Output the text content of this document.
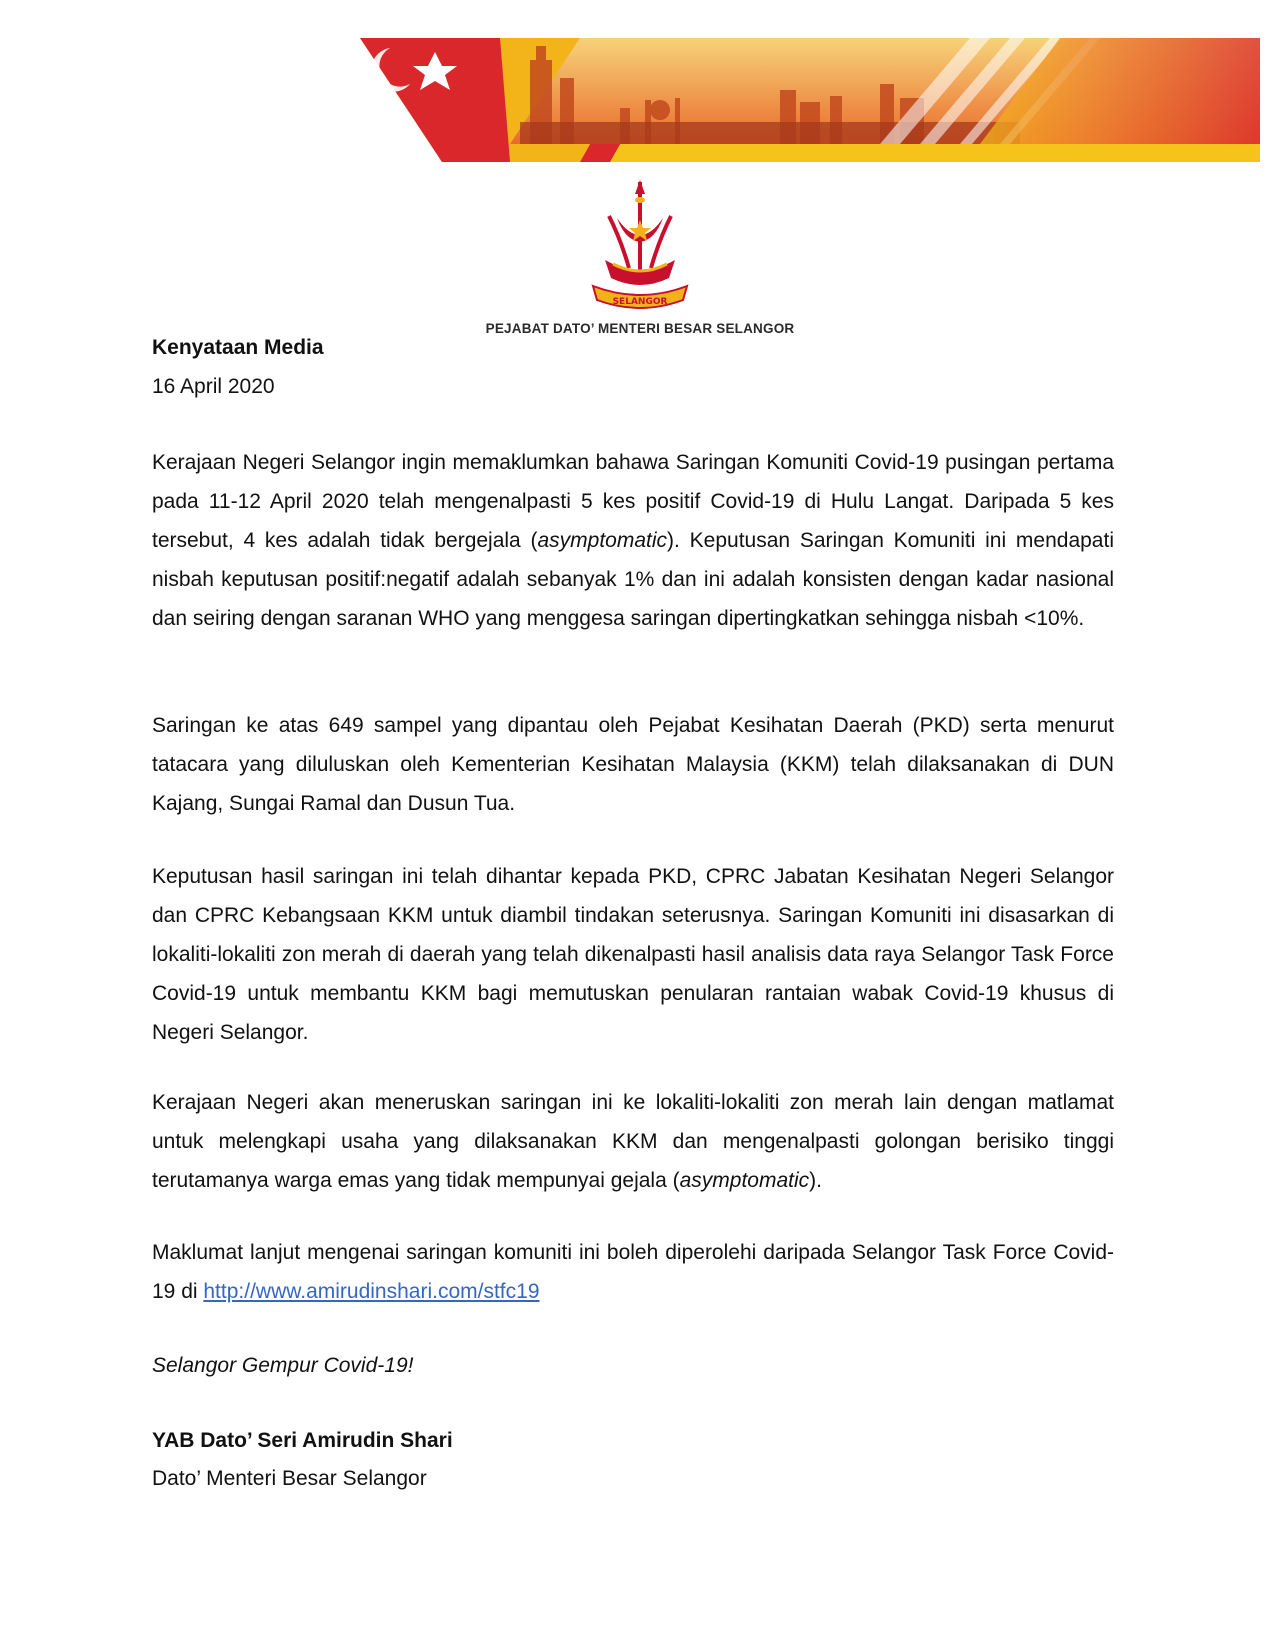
SELANGOR
PEJABAT DATO’ MENTERI BESAR SELANGOR
Kenyataan Media
16 April 2020
Kerajaan Negeri Selangor ingin memaklumkan bahawa Saringan Komuniti Covid-19 pusingan pertama pada 11-12 April 2020 telah mengenalpasti 5 kes positif Covid-19 di Hulu Langat. Daripada 5 kes tersebut, 4 kes adalah tidak bergejala (asymptomatic). Keputusan Saringan Komuniti ini mendapati nisbah keputusan positif:negatif adalah sebanyak 1% dan ini adalah konsisten dengan kadar nasional dan seiring dengan saranan WHO yang menggesa saringan dipertingkatkan sehingga nisbah <10%.
Saringan ke atas 649 sampel yang dipantau oleh Pejabat Kesihatan Daerah (PKD) serta menurut tatacara yang diluluskan oleh Kementerian Kesihatan Malaysia (KKM) telah dilaksanakan di DUN Kajang, Sungai Ramal dan Dusun Tua.
Keputusan hasil saringan ini telah dihantar kepada PKD, CPRC Jabatan Kesihatan Negeri Selangor dan CPRC Kebangsaan KKM untuk diambil tindakan seterusnya. Saringan Komuniti ini disasarkan di lokaliti-lokaliti zon merah di daerah yang telah dikenalpasti hasil analisis data raya Selangor Task Force Covid-19 untuk membantu KKM bagi memutuskan penularan rantaian wabak Covid-19 khusus di Negeri Selangor.
Kerajaan Negeri akan meneruskan saringan ini ke lokaliti-lokaliti zon merah lain dengan matlamat untuk melengkapi usaha yang dilaksanakan KKM dan mengenalpasti golongan berisiko tinggi terutamanya warga emas yang tidak mempunyai gejala (asymptomatic).
Maklumat lanjut mengenai saringan komuniti ini boleh diperolehi daripada Selangor Task Force Covid-19 di http://www.amirudinshari.com/stfc19
Selangor Gempur Covid-19!
YAB Dato’ Seri Amirudin Shari
Dato’ Menteri Besar Selangor
